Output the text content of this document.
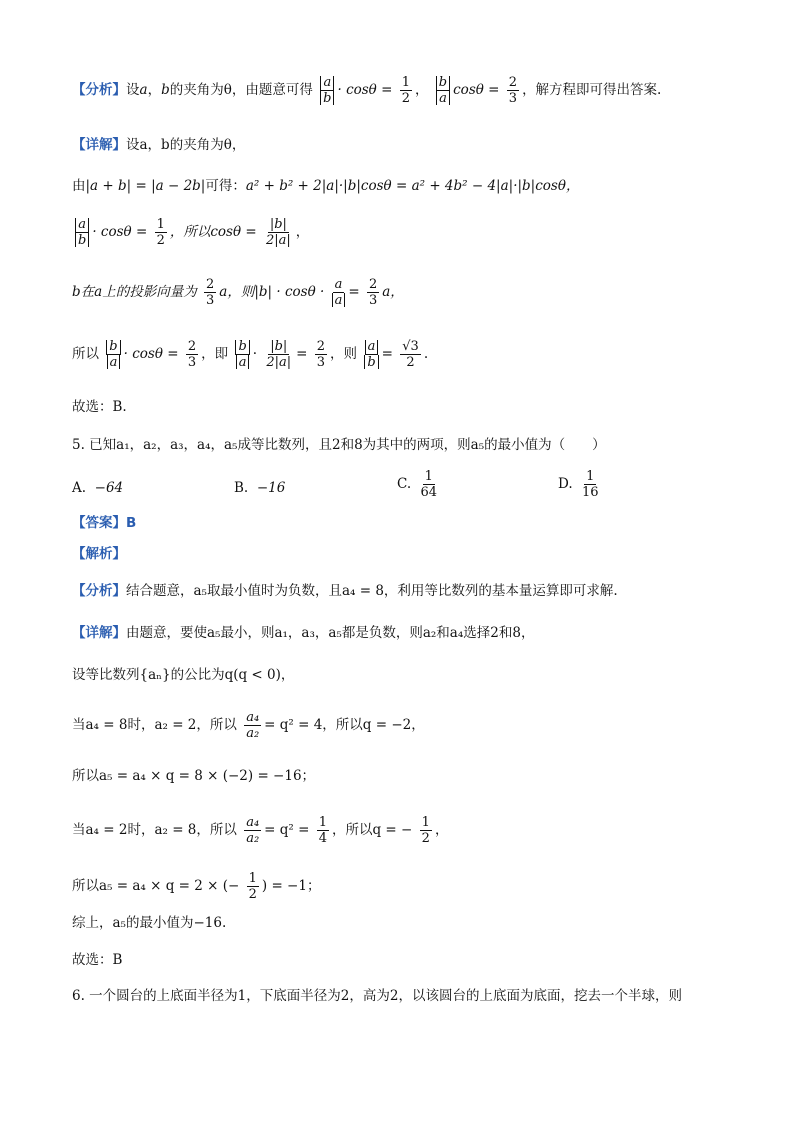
【分析】设a，b的夹角为θ，由题意可得 $\frac{a}{b} \cdot \cos\theta = \frac{1}{2}$ ， $\frac{b}{a}$ $\cos\theta = \frac{2}{3}$ ，解方程即可得出答案.
【详解】设a，b的夹角为θ，
由|a + b| = |a − 2b|可得：a² + b² + 2|a|·|b|cosθ = a² + 4b² − 4|a|·|b|cosθ，
$\frac{a}{b} \cdot \cos\theta = \frac{1}{2}$ ，所以$\cos\theta = \frac{|b|}{2|a|}$ ，
b在a上的投影向量为 $\frac{2}{3}$ a，则$|b| \cdot \cos\theta \cdot \frac{a}{a} = \frac{2}{3}$ a，
所以 $\frac{b}{a} \cdot \cos\theta = \frac{2}{3}$ ，即 $\frac{b}{a} \cdot \frac{|b|}{2|a|} = \frac{2}{3}$ ，则 $\frac{a}{b} = \frac{√3}{2}$ .
故选：B.
5. 已知a₁，a₂，a₃，a₄，a₅成等比数列，且2和8为其中的两项，则a₅的最小值为（　　）
A. −64	B. −16	C. $\frac{1}{64}$	D. $\frac{1}{16}$
【答案】B
【解析】
【分析】结合题意，a₅取最小值时为负数，且a₄ = 8，利用等比数列的基本量运算即可求解.
【详解】由题意，要使a₅最小，则a₁，a₃，a₅都是负数，则a₂和a₄选择2和8，
设等比数列{aₙ}的公比为q(q < 0)，
当a₄ = 8时，a₂ = 2，所以 $\frac{\text{a₄}}{\text{a₂}} = q^2 = 4$，所以q = −2，
所以a₅ = a₄ × q = 8 × (−2) = −16；
当a₄ = 2时，a₂ = 8，所以 $\frac{\text{a₄}}{\text{a₂}} = q^2 = \frac{1}{4}$ ，所以q = − $\frac{1}{2}$ ，
所以a₅ = a₄ × q = 2 × (− $\frac{1}{2}$ ) = −1；
综上，a₅的最小值为−16.
故选：B
6. 一个圆台的上底面半径为1，下底面半径为2，高为2，以该圆台的上底面为底面，挖去一个半球，则
